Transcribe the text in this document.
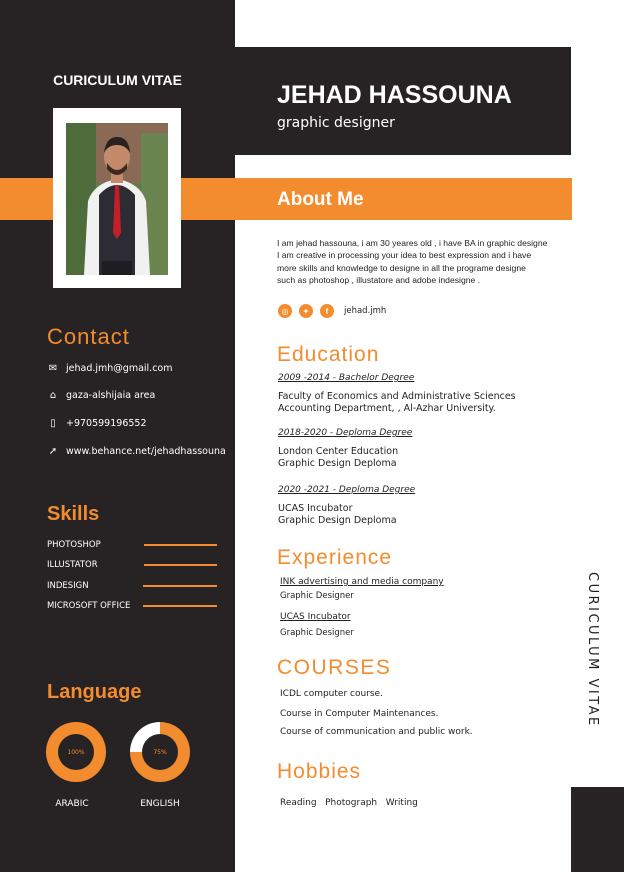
CURICULUM VITAE
Contact
✉ jehad.jmh@gmail.com
⌂ gaza-alshijaia area
▯	+970599196552
➚ www.behance.net/jehadhassouna
Skills
PHOTOSHOP
ILLUSTATOR
INDESIGN
MICROSOFT OFFICE
Language
100%	75%
ARABIC	ENGLISH
JEHAD HASSOUNA
graphic designer
About Me
I am jehad hassouna, i am 30 yeares old , i have BA in graphic designe
I am creative in processing your idea to best expression and i have
more skills and knowledge to designe in all the programe designe
such as photoshop , illustatore and adobe indesigne .
◎	✦	f jehad.jmh
Education
2009 -2014 - Bachelor Degree
Faculty of Economics and Administrative Sciences
Accounting Department, , Al-Azhar University.
2018-2020 - Deploma Degree
London Center Education
Graphic Design Deploma
2020 -2021 - Deploma Degree
UCAS Incubator
Graphic Design Deploma
Experience
INK advertising and media company
Graphic Designer
UCAS Incubator
Graphic Designer
COURSES
ICDL computer course.
Course in Computer Maintenances.
Course of communication and public work.
Hobbies
Reading   Photograph   Writing
CURICULUM VITAE
